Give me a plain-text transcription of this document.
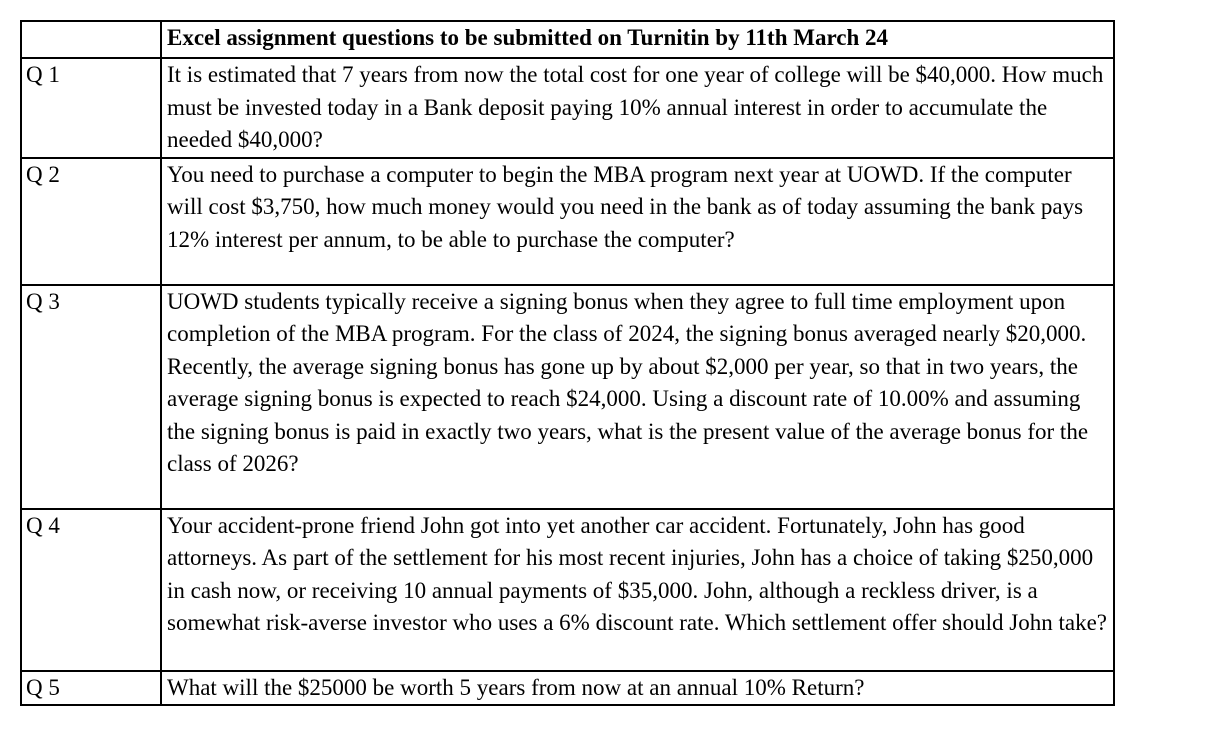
	Excel assignment questions to be submitted on Turnitin by 11th March 24
Q 1	It is estimated that 7 years from now the total cost for one year of college will be $40,000. How much must be invested today in a Bank deposit paying 10% annual interest in order to accumulate the needed $40,000?
Q 2	You need to purchase a computer to begin the MBA program next year at UOWD. If the computer will cost $3,750, how much money would you need in the bank as of today assuming the bank pays 12% interest per annum, to be able to purchase the computer?
Q 3	UOWD students typically receive a signing bonus when they agree to full time employment upon completion of the MBA program. For the class of 2024, the signing bonus averaged nearly $20,000. Recently, the average signing bonus has gone up by about $2,000 per year, so that in two years, the average signing bonus is expected to reach $24,000. Using a discount rate of 10.00% and assuming the signing bonus is paid in exactly two years, what is the present value of the average bonus for the class of 2026?
Q 4	Your accident-prone friend John got into yet another car accident. Fortunately, John has good attorneys. As part of the settlement for his most recent injuries, John has a choice of taking $250,000 in cash now, or receiving 10 annual payments of $35,000. John, although a reckless driver, is a somewhat risk-averse investor who uses a 6% discount rate. Which settlement offer should John take?
Q 5	What will the $25000 be worth 5 years from now at an annual 10% Return?
